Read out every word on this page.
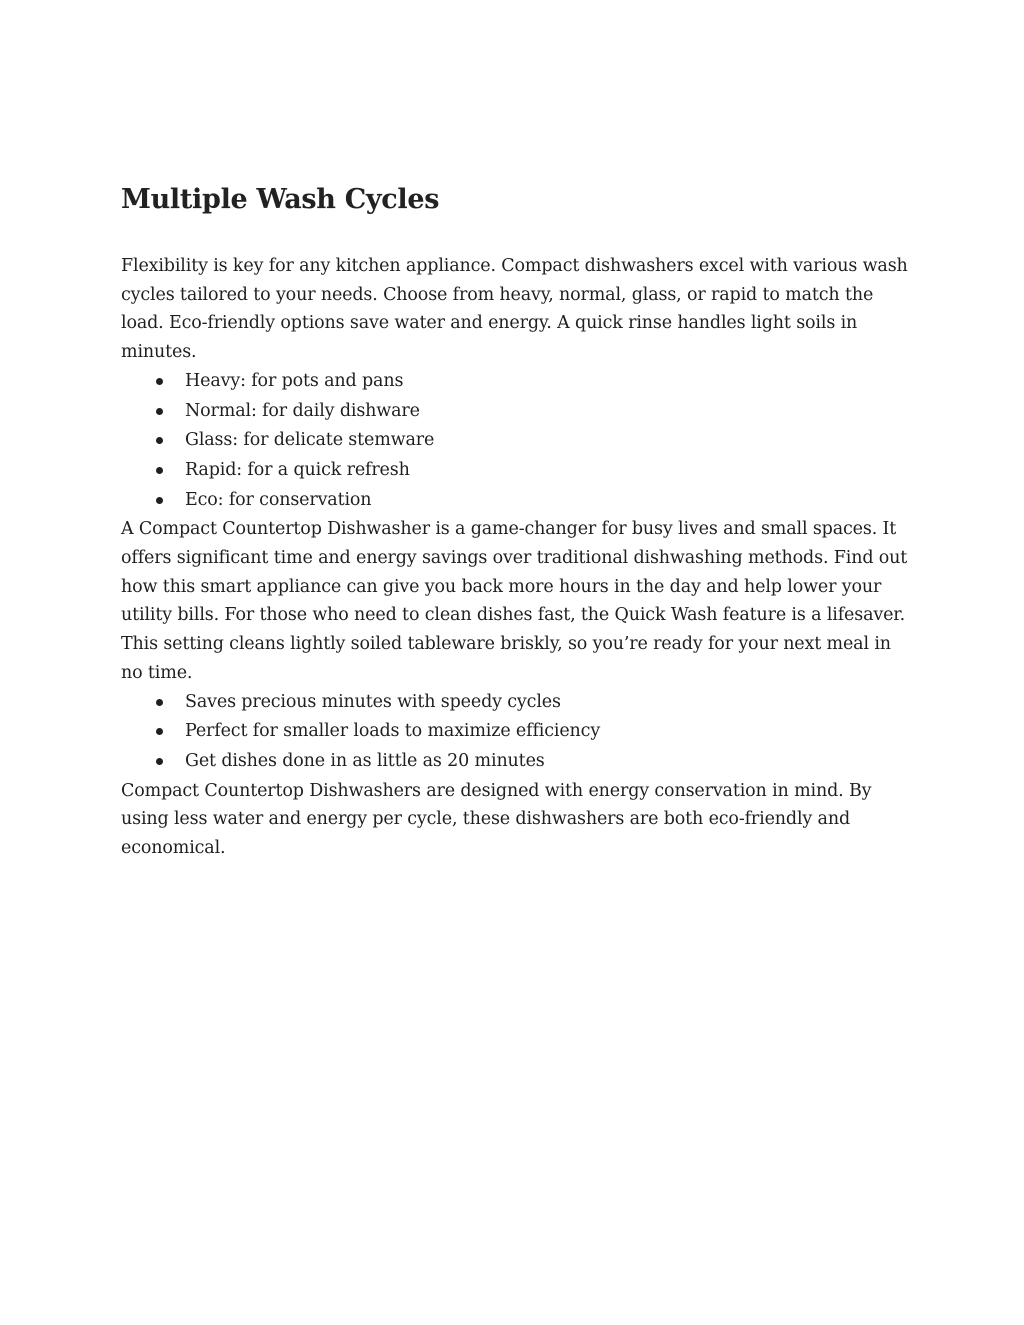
Multiple Wash Cycles

Flexibility is key for any kitchen appliance. Compact dishwashers excel with various wash cycles tailored to your needs. Choose from heavy, normal, glass, or rapid to match the load. Eco-friendly options save water and energy. A quick rinse handles light soils in minutes.

Heavy: for pots and pans
Normal: for daily dishware
Glass: for delicate stemware
Rapid: for a quick refresh
Eco: for conservation

A Compact Countertop Dishwasher is a game-changer for busy lives and small spaces. It offers significant time and energy savings over traditional dishwashing methods. Find out how this smart appliance can give you back more hours in the day and help lower your utility bills. For those who need to clean dishes fast, the Quick Wash feature is a lifesaver. This setting cleans lightly soiled tableware briskly, so you’re ready for your next meal in no time.

Saves precious minutes with speedy cycles
Perfect for smaller loads to maximize efficiency
Get dishes done in as little as 20 minutes

Compact Countertop Dishwashers are designed with energy conservation in mind. By using less water and energy per cycle, these dishwashers are both eco-friendly and economical.
